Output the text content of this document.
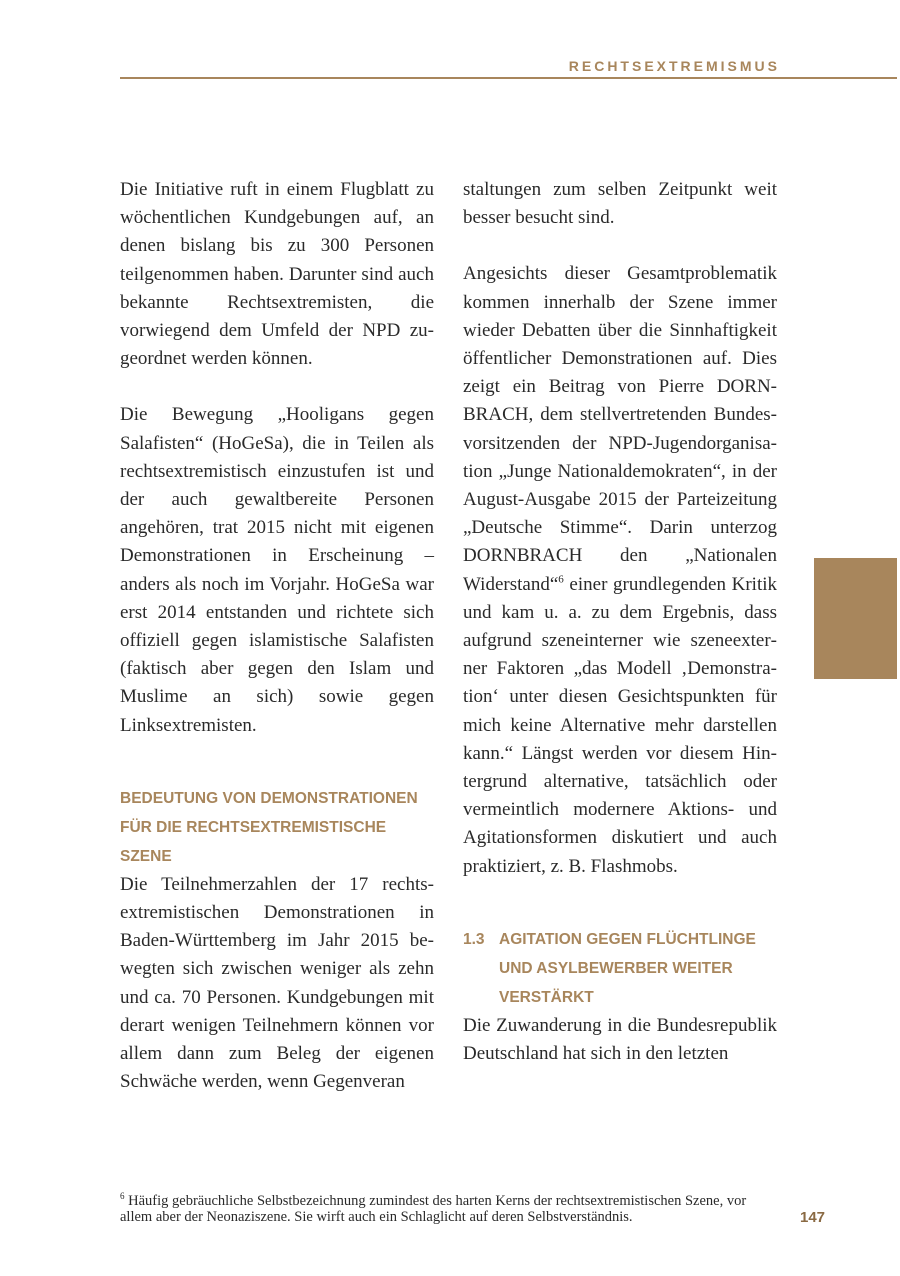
RECHTSEXTREMISMUS

Die Initiative ruft in einem Flugblatt zu wöchentlichen Kundgebungen auf, an denen bislang bis zu 300 Personen teilgenommen haben. Darunter sind auch bekannte Rechtsextremisten, die vorwiegend dem Umfeld der NPD zugeordnet werden können.

Die Bewegung „Hooligans gegen Salafisten“ (HoGeSa), die in Teilen als rechtsextremistisch einzustufen ist und der auch gewaltbereite Personen angehören, trat 2015 nicht mit eigenen Demonstrationen in Erscheinung – anders als noch im Vorjahr. HoGeSa war erst 2014 entstanden und richtete sich offiziell gegen islamistische Salafisten (faktisch aber gegen den Islam und Muslime an sich) sowie gegen Linksextremisten.

BEDEUTUNG VON DEMONSTRATIONEN FÜR DIE RECHTSEXTREMISTISCHE SZENE

Die Teilnehmerzahlen der 17 rechtsextremistischen Demonstrationen in Baden-Württemberg im Jahr 2015 bewegten sich zwischen weniger als zehn und ca. 70 Personen. Kundgebungen mit derart wenigen Teilnehmern können vor allem dann zum Beleg der eigenen Schwäche werden, wenn Gegenveran

staltungen zum selben Zeitpunkt weit besser besucht sind.

Angesichts dieser Gesamtproblematik kommen innerhalb der Szene immer wieder Debatten über die Sinnhaftigkeit öffentlicher Demonstrationen auf. Dies zeigt ein Beitrag von Pierre DORNBRACH, dem stellvertretenden Bundesvorsitzenden der NPD-Jugendorganisation „Junge Nationaldemokraten“, in der August-Ausgabe 2015 der Parteizeitung „Deutsche Stimme“. Darin unterzog DORNBRACH den „Nationalen Widerstand“$^6$ einer grundlegenden Kritik und kam u. a. zu dem Ergebnis, dass aufgrund szeneinterner wie szeneexterner Faktoren „das Modell ‚Demonstration‘ unter diesen Gesichtspunkten für mich keine Alternative mehr darstellen kann.“ Längst werden vor diesem Hintergrund alternative, tatsächlich oder vermeintlich modernere Aktions- und Agitationsformen diskutiert und auch praktiziert, z. B. Flashmobs.

1.3 AGITATION GEGEN FLÜCHTLINGE UND ASYLBEWERBER WEITER VERSTÄRKT

Die Zuwanderung in die Bundesrepublik Deutschland hat sich in den letzten

$^6$ Häufig gebräuchliche Selbstbezeichnung zumindest des harten Kerns der rechtsextremistischen Szene, vor allem aber der Neonaziszene. Sie wirft auch ein Schlaglicht auf deren Selbstverständnis.	147
